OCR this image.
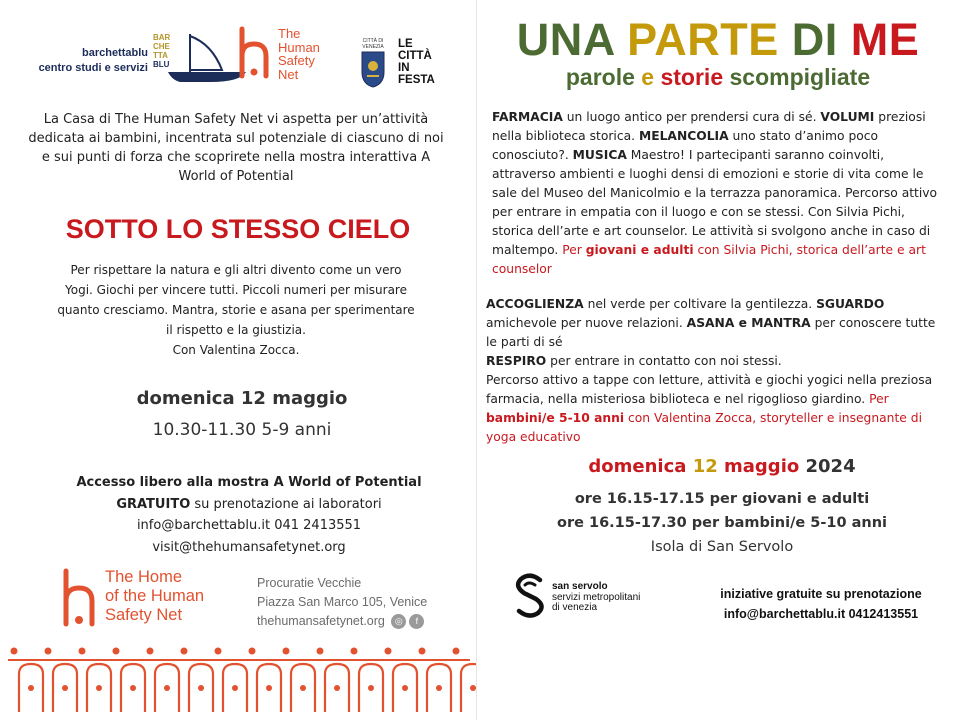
barchettablu
centro studi e servizi
BAR
CHE
TTA
BLU
The
Human
Safety
Net
CITTÀ DI VENEZIA LE
CITTÀ
IN
FESTA
La Casa di The Human Safety Net vi aspetta per un’attività dedicata ai bambini, incentrata sul potenziale di ciascuno di noi e sui punti di forza che scoprirete nella mostra interattiva A World of Potential
SOTTO LO STESSO CIELO
Per rispettare la natura e gli altri divento come un vero Yogi. Giochi per vincere tutti. Piccoli numeri per misurare quanto cresciamo. Mantra, storie e asana per sperimentare il rispetto e la giustizia.
Con Valentina Zocca.
domenica 12 maggio
10.30-11.30 5-9 anni
Accesso libero alla mostra A World of Potential
GRATUITO su prenotazione ai laboratori
info@barchettablu.it 041 2413551
visit@thehumansafetynet.org
The Home
of the Human
Safety Net
Procuratie Vecchie
Piazza San Marco 105, Venice
thehumansafetynet.org ◎ f
UNA PARTE DI ME
parole e storie scompigliate
FARMACIA un luogo antico per prendersi cura di sé. VOLUMI preziosi nella biblioteca storica. MELANCOLIA uno stato d’animo poco conosciuto?. MUSICA Maestro! I partecipanti saranno coinvolti, attraverso ambienti e luoghi densi di emozioni e storie di vita come le sale del Museo del Manicolmio e la terrazza panoramica. Percorso attivo per entrare in empatia con il luogo e con se stessi. Con Silvia Pichi, storica dell’arte e art counselor. Le attività si svolgono anche in caso di maltempo. Per giovani e adulti con Silvia Pichi, storica dell’arte e art counselor
ACCOGLIENZA nel verde per coltivare la gentilezza. SGUARDO amichevole per nuove relazioni. ASANA e MANTRA per conoscere tutte le parti di sé
RESPIRO per entrare in contatto con noi stessi.
Percorso attivo a tappe con letture, attività e giochi yogici nella preziosa farmacia, nella misteriosa biblioteca e nel rigoglioso giardino. Per bambini/e 5-10 anni con Valentina Zocca, storyteller e insegnante di yoga educativo
domenica 12 maggio 2024
ore 16.15-17.15 per giovani e adulti
ore 16.15-17.30 per bambini/e 5-10 anni
Isola di San Servolo
san servolo
servizi metropolitani
di venezia
iniziative gratuite su prenotazione
info@barchettablu.it 0412413551
